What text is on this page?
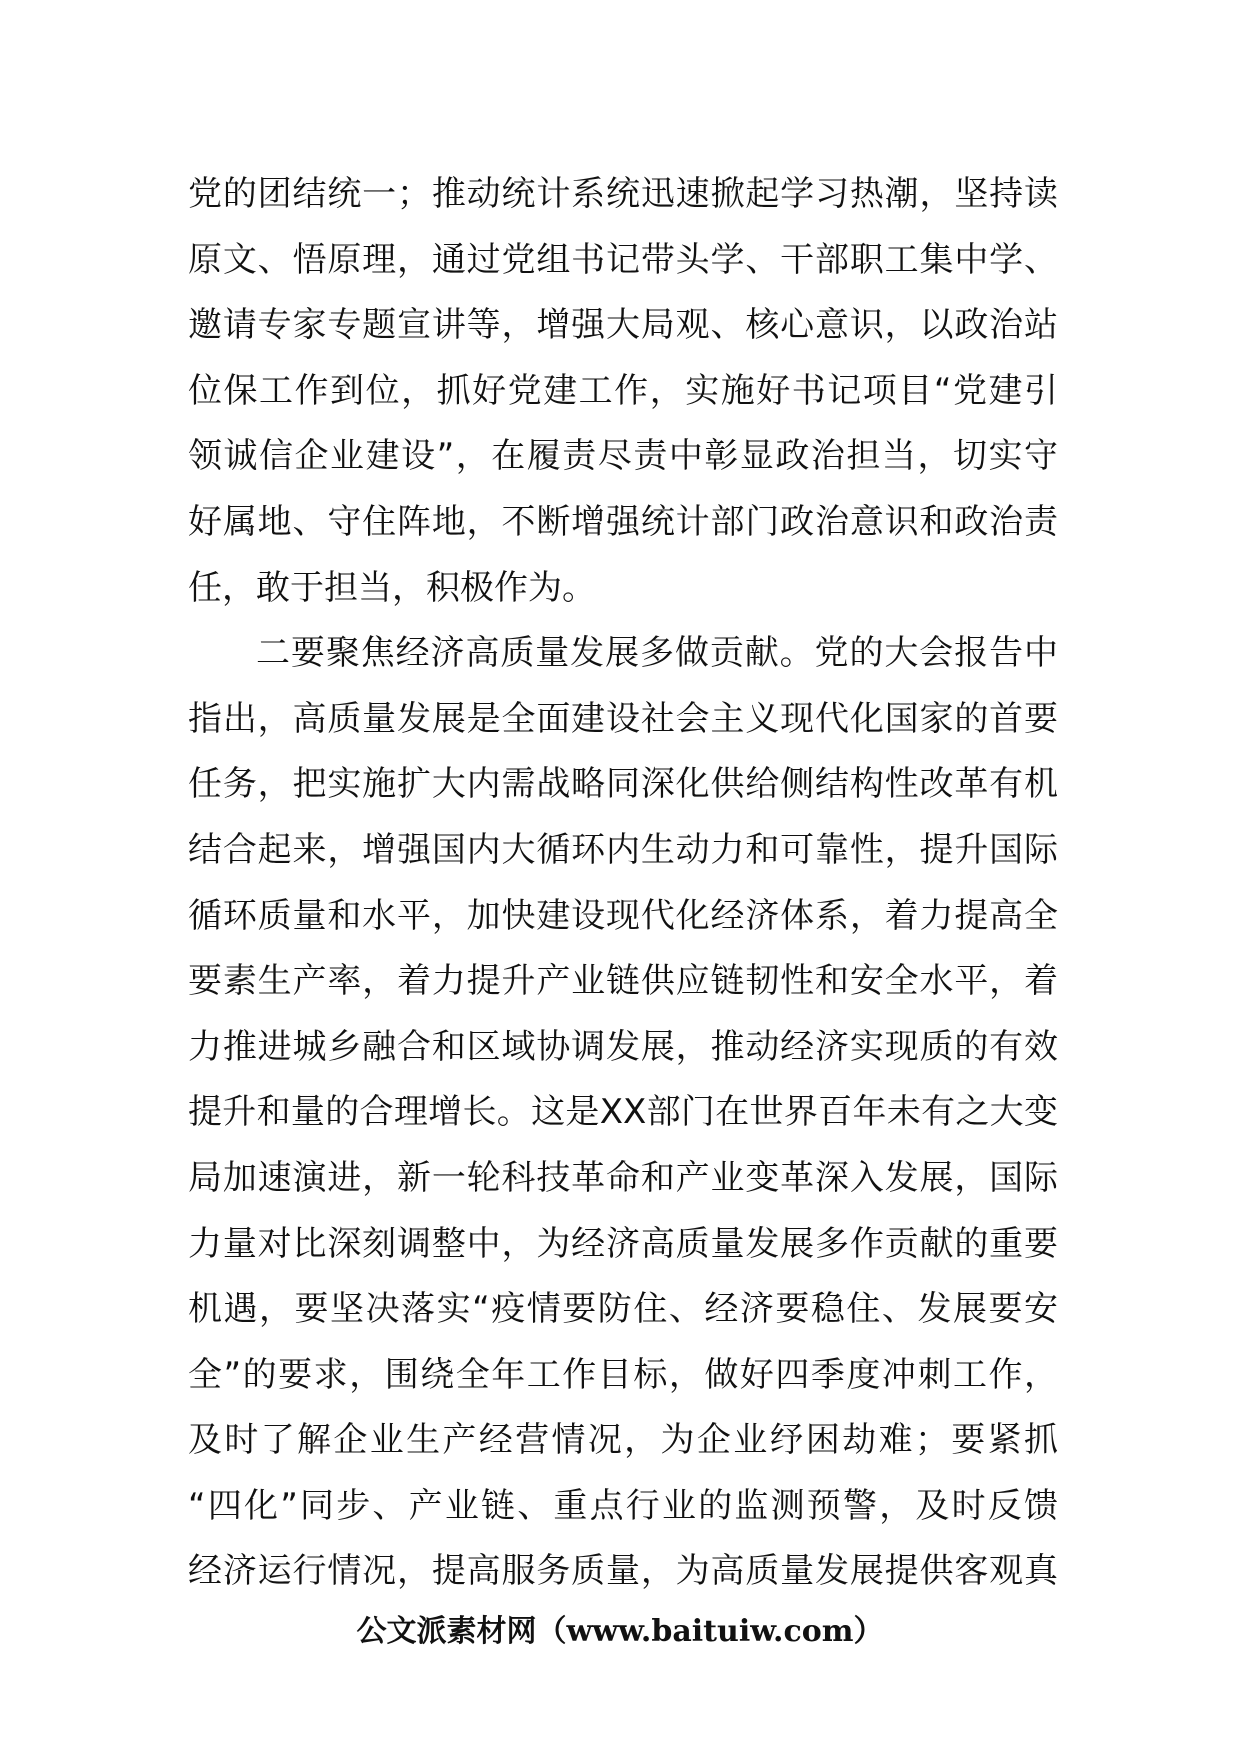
党的团结统一；推动统计系统迅速掀起学习热潮，坚持读
原文、悟原理，通过党组书记带头学、干部职工集中学、
邀请专家专题宣讲等，增强大局观、核心意识，以政治站
位保工作到位，抓好党建工作，实施好书记项目“党建引
领诚信企业建设”，在履责尽责中彰显政治担当，切实守
好属地、守住阵地，不断增强统计部门政治意识和政治责
任，敢于担当，积极作为。
二要聚焦经济高质量发展多做贡献。党的大会报告中
指出，高质量发展是全面建设社会主义现代化国家的首要
任务，把实施扩大内需战略同深化供给侧结构性改革有机
结合起来，增强国内大循环内生动力和可靠性，提升国际
循环质量和水平，加快建设现代化经济体系，着力提高全
要素生产率，着力提升产业链供应链韧性和安全水平，着
力推进城乡融合和区域协调发展，推动经济实现质的有效
提升和量的合理增长。这是XX部门在世界百年未有之大变
局加速演进，新一轮科技革命和产业变革深入发展，国际
力量对比深刻调整中，为经济高质量发展多作贡献的重要
机遇，要坚决落实“疫情要防住、经济要稳住、发展要安
全”的要求，围绕全年工作目标，做好四季度冲刺工作，
及时了解企业生产经营情况，为企业纾困劫难；要紧抓
“四化”同步、产业链、重点行业的监测预警，及时反馈
经济运行情况，提高服务质量，为高质量发展提供客观真
公文派素材网（www.baituiw.com）
